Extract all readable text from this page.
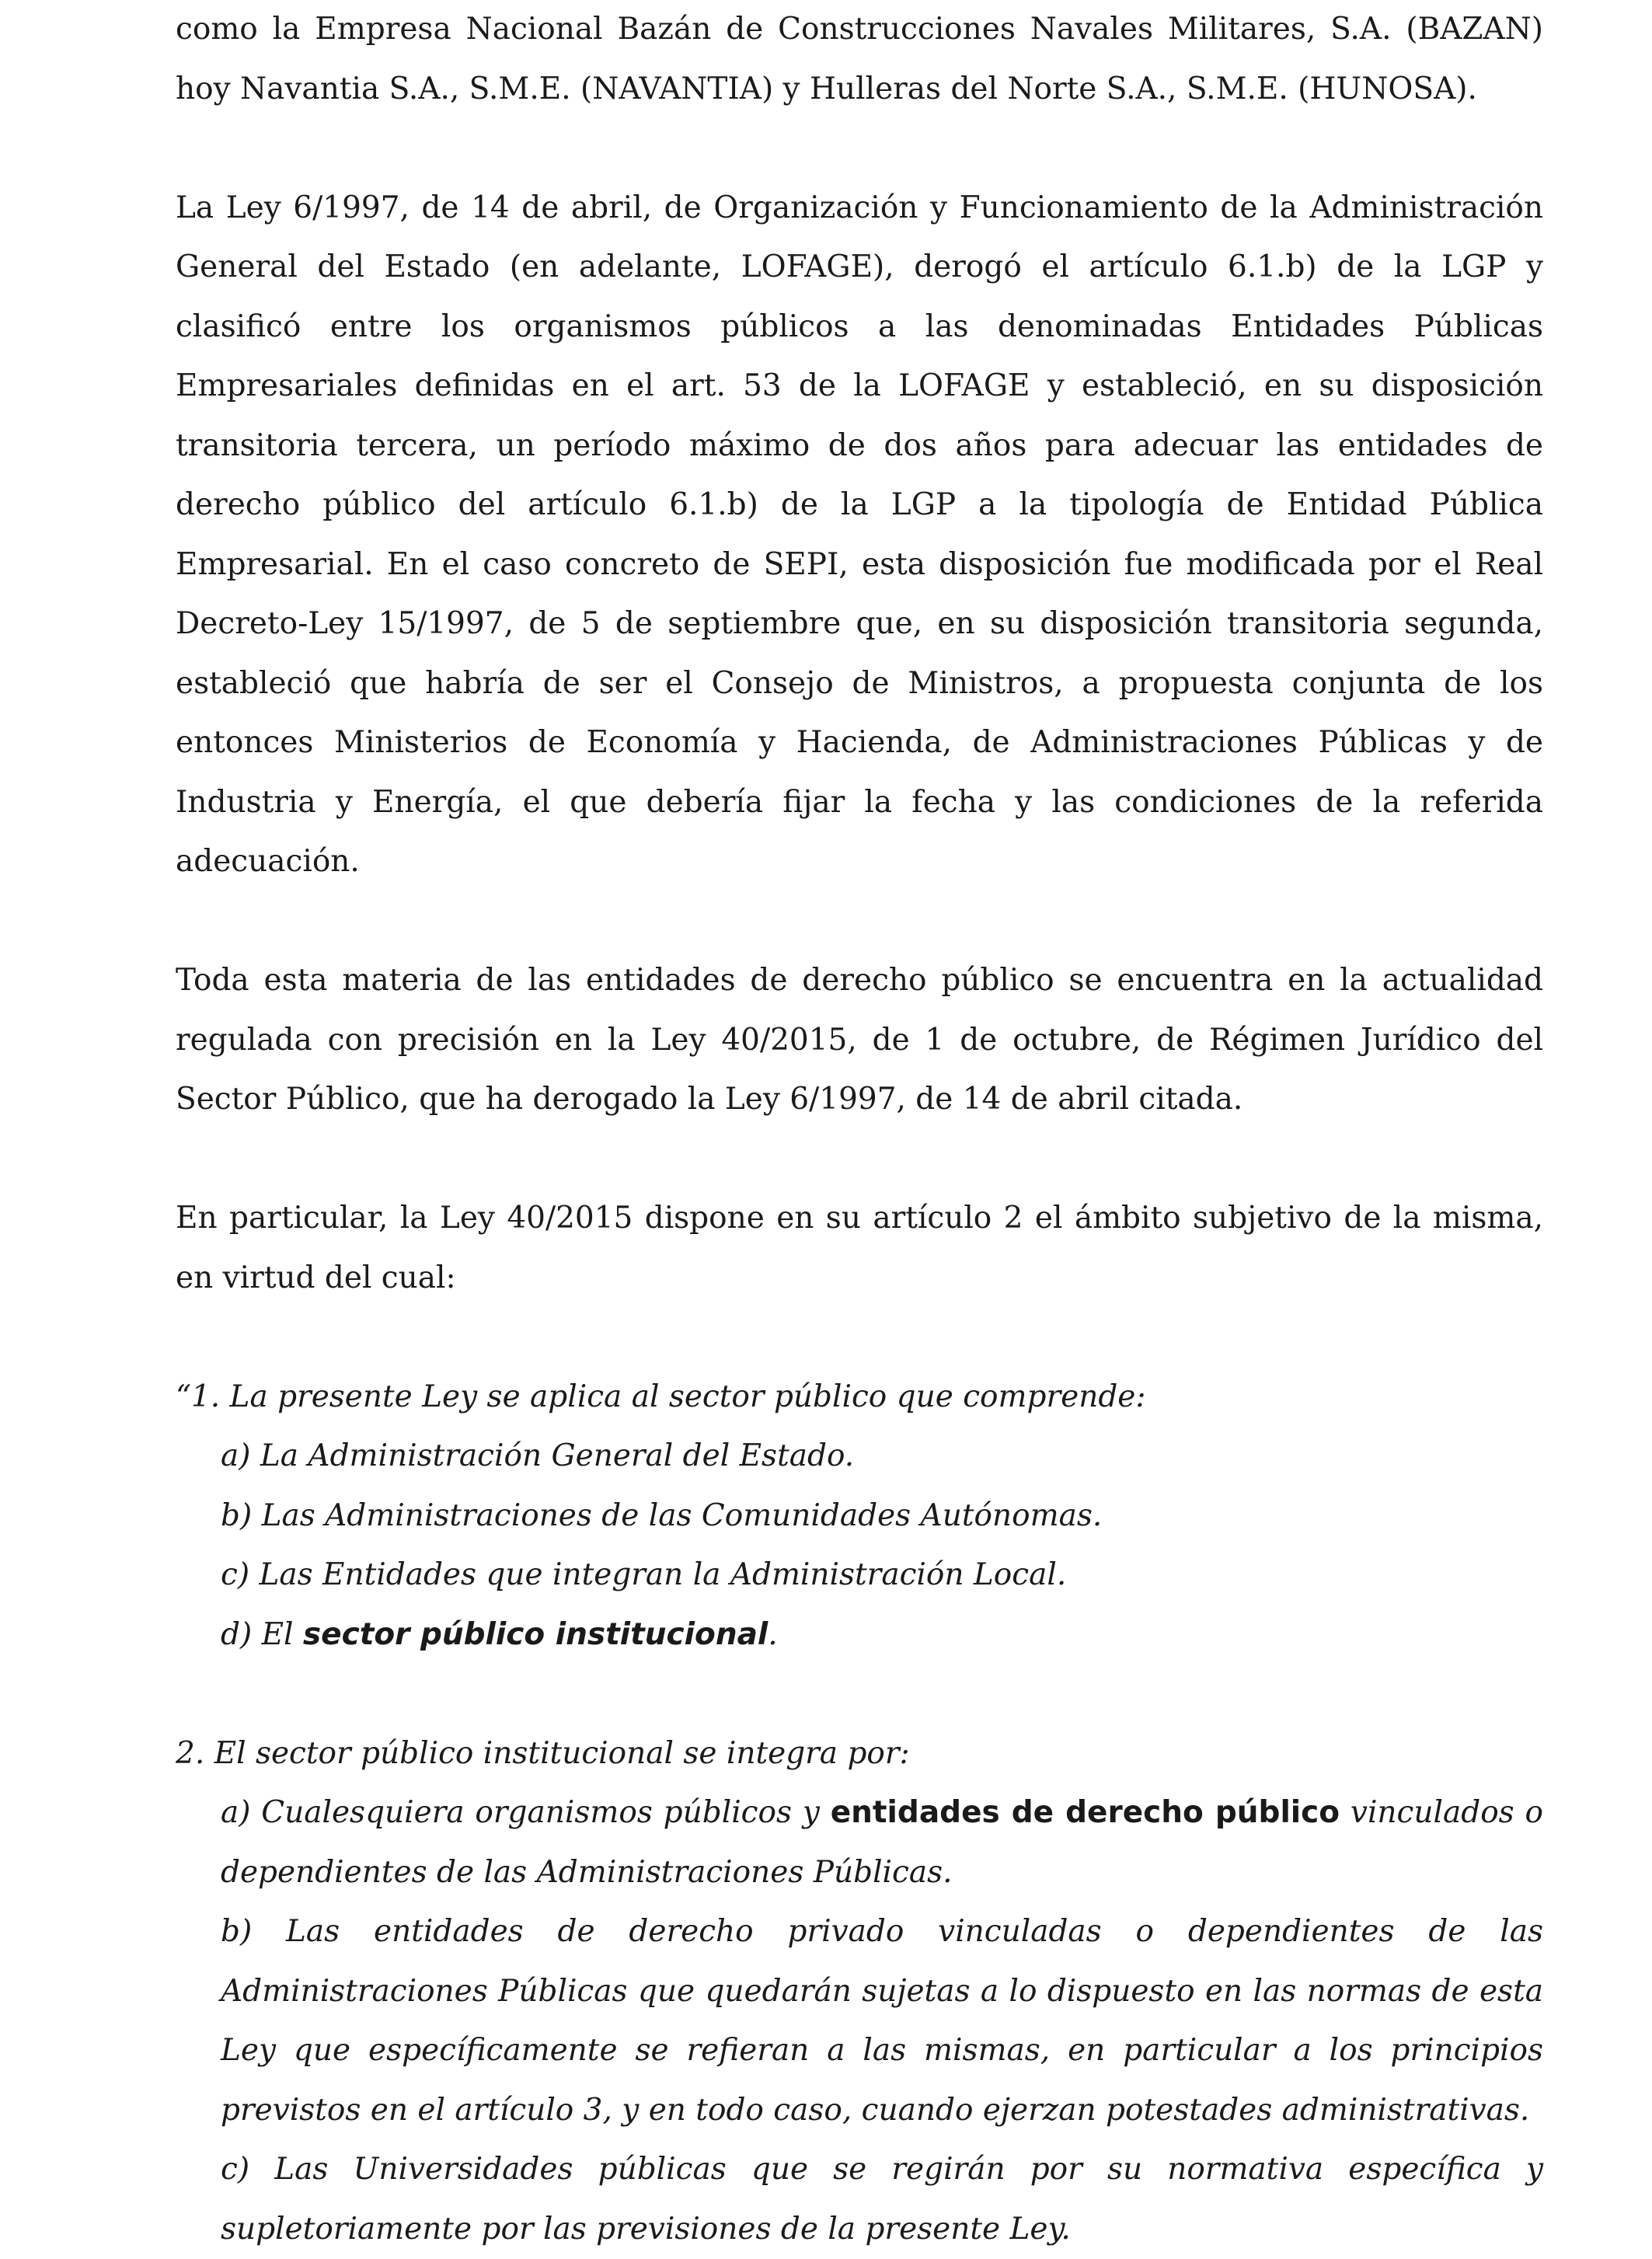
como la Empresa Nacional Bazán de Construcciones Navales Militares, S.A. (BAZAN) hoy Navantia S.A., S.M.E. (NAVANTIA) y Hulleras del Norte S.A., S.M.E. (HUNOSA).

La Ley 6/1997, de 14 de abril, de Organización y Funcionamiento de la Administración General del Estado (en adelante, LOFAGE), derogó el artículo 6.1.b) de la LGP y clasificó entre los organismos públicos a las denominadas Entidades Públicas Empresariales definidas en el art. 53 de la LOFAGE y estableció, en su disposición transitoria tercera, un período máximo de dos años para adecuar las entidades de derecho público del artículo 6.1.b) de la LGP a la tipología de Entidad Pública Empresarial. En el caso concreto de SEPI, esta disposición fue modificada por el Real Decreto-Ley 15/1997, de 5 de septiembre que, en su disposición transitoria segunda, estableció que habría de ser el Consejo de Ministros, a propuesta conjunta de los entonces Ministerios de Economía y Hacienda, de Administraciones Públicas y de Industria y Energía, el que debería fijar la fecha y las condiciones de la referida adecuación.

Toda esta materia de las entidades de derecho público se encuentra en la actualidad regulada con precisión en la Ley 40/2015, de 1 de octubre, de Régimen Jurídico del Sector Público, que ha derogado la Ley 6/1997, de 14 de abril citada.

En particular, la Ley 40/2015 dispone en su artículo 2 el ámbito subjetivo de la misma, en virtud del cual:

“1. La presente Ley se aplica al sector público que comprende:

a) La Administración General del Estado.

b) Las Administraciones de las Comunidades Autónomas.

c) Las Entidades que integran la Administración Local.

d) El sector público institucional.

2. El sector público institucional se integra por:

a) Cualesquiera organismos públicos y entidades de derecho público vinculados o dependientes de las Administraciones Públicas.

b) Las entidades de derecho privado vinculadas o dependientes de las Administraciones Públicas que quedarán sujetas a lo dispuesto en las normas de esta Ley que específicamente se refieran a las mismas, en particular a los principios previstos en el artículo 3, y en todo caso, cuando ejerzan potestades administrativas.

c) Las Universidades públicas que se regirán por su normativa específica y supletoriamente por las previsiones de la presente Ley.
